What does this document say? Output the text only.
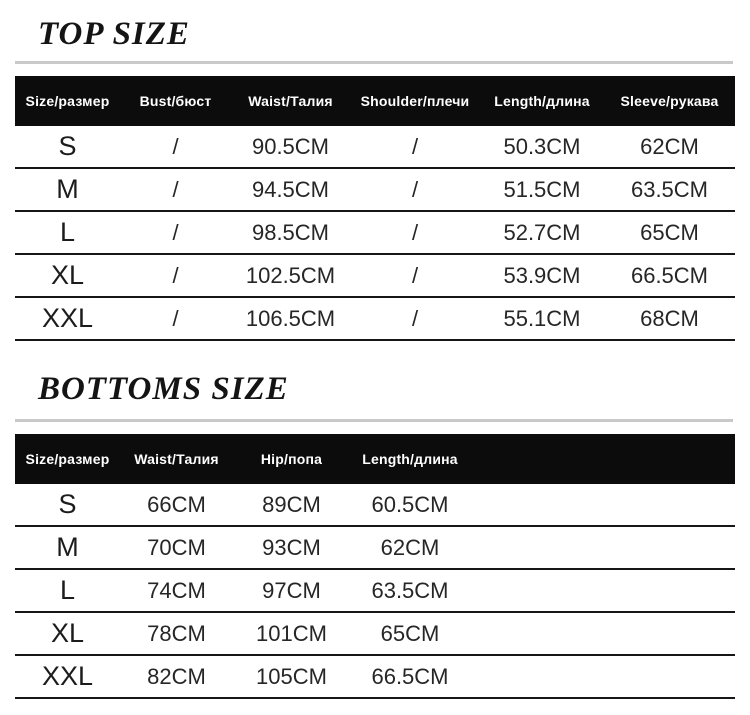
TOP SIZE
Size/размер	Bust/бюст	Waist/Талия	Shoulder/плечи	Length/длина	Sleeve/рукава
S	/	90.5CM	/	50.3CM	62CM
M	/	94.5CM	/	51.5CM	63.5CM
L	/	98.5CM	/	52.7CM	65CM
XL	/	102.5CM	/	53.9CM	66.5CM
XXL	/	106.5CM	/	55.1CM	68CM
BOTTOMS SIZE
Size/размер	Waist/Талия	Hip/попа	Length/длина	
S	66CM	89CM	60.5CM	
M	70CM	93CM	62CM	
L	74CM	97CM	63.5CM	
XL	78CM	101CM	65CM	
XXL	82CM	105CM	66.5CM	
